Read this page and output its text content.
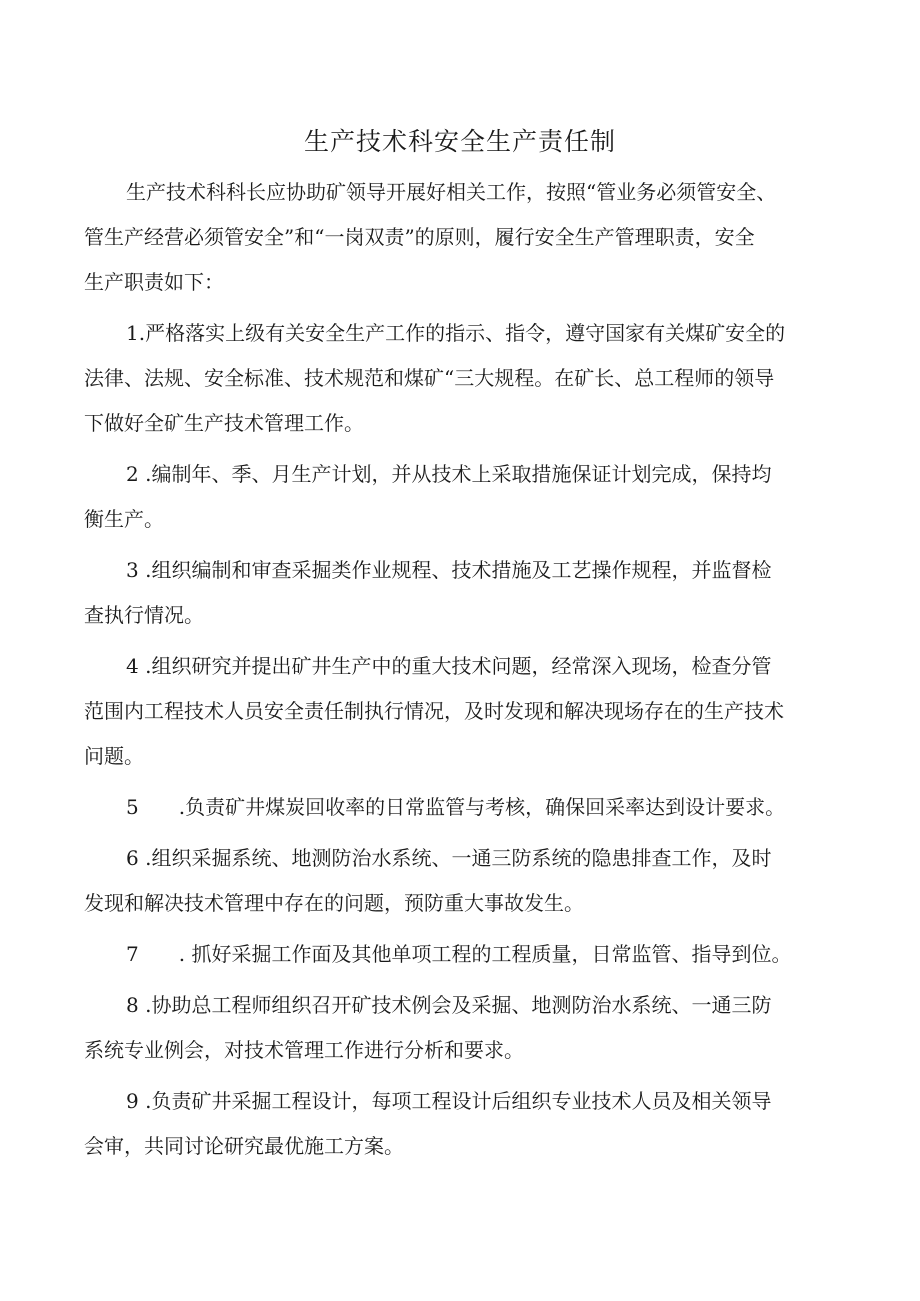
生产技术科安全生产责任制
生产技术科科长应协助矿领导开展好相关工作，按照“管业务必须管安全、
管生产经营必须管安全”和“一岗双责”的原则，履行安全生产管理职责，安全
生产职责如下：
1.严格落实上级有关安全生产工作的指示、指令，遵守国家有关煤矿安全的
法律、法规、安全标准、技术规范和煤矿“三大规程。在矿长、总工程师的领导
下做好全矿生产技术管理工作。
2 .编制年、季、月生产计划，并从技术上采取措施保证计划完成，保持均
衡生产。
3 .组织编制和审查采掘类作业规程、技术措施及工艺操作规程，并监督检
查执行情况。
4 .组织研究并提出矿井生产中的重大技术问题，经常深入现场，检查分管
范围内工程技术人员安全责任制执行情况，及时发现和解决现场存在的生产技术
问题。
5　　.负责矿井煤炭回收率的日常监管与考核，确保回采率达到设计要求。
6 .组织采掘系统、地测防治水系统、一通三防系统的隐患排查工作，及时
发现和解决技术管理中存在的问题，预防重大事故发生。
7　　. 抓好采掘工作面及其他单项工程的工程质量，日常监管、指导到位。
8 .协助总工程师组织召开矿技术例会及采掘、地测防治水系统、一通三防
系统专业例会，对技术管理工作进行分析和要求。
9 .负责矿井采掘工程设计，每项工程设计后组织专业技术人员及相关领导
会审，共同讨论研究最优施工方案。
